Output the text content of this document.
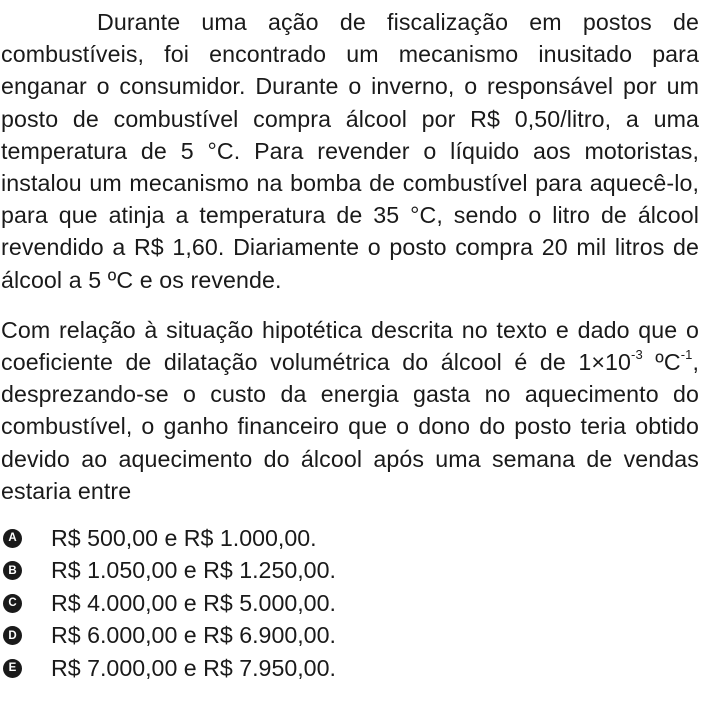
Durante uma ação de fiscalização em postos de combustíveis, foi encontrado um mecanismo inusitado para enganar o consumidor. Durante o inverno, o responsável por um posto de combustível compra álcool por R$ 0,50/litro, a uma temperatura de 5 °C. Para revender o líquido aos motoristas, instalou um mecanismo na bomba de combustível para aquecê-lo, para que atinja a temperatura de 35 °C, sendo o litro de álcool revendido a R$ 1,60. Diariamente o posto compra 20 mil litros de álcool a 5 ºC e os revende.

Com relação à situação hipotética descrita no texto e dado que o coeficiente de dilatação volumétrica do álcool é de $1\times 10^{-3}$ ºC$^{-1}$, desprezando-se o custo da energia gasta no aquecimento do combustível, o ganho financeiro que o dono do posto teria obtido devido ao aquecimento do álcool após uma semana de vendas estaria entre

A R$ 500,00 e R$ 1.000,00.
B R$ 1.050,00 e R$ 1.250,00.
C R$ 4.000,00 e R$ 5.000,00.
D R$ 6.000,00 e R$ 6.900,00.
E R$ 7.000,00 e R$ 7.950,00.
